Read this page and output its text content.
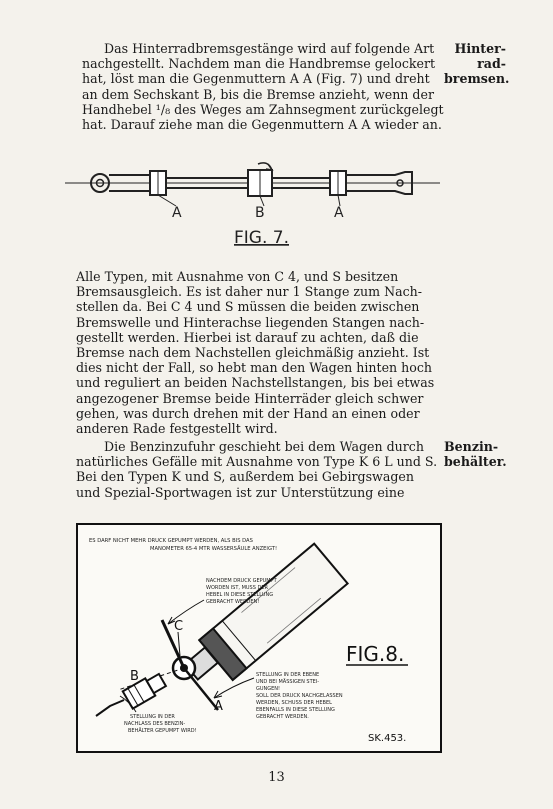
Das Hinterradbremsgestänge wird auf folgende Art
nachgestellt. Nachdem man die Handbremse gelockert
hat, löst man die Gegenmuttern A A (Fig. 7) und dreht
an dem Sechskant B, bis die Bremse anzieht, wenn der
Handhebel ¹/₈ des Weges am Zahnsegment zurückgelegt
hat. Darauf ziehe man die Gegenmuttern A A wieder an.
Hinter-
rad-
bremsen.
A	B	A
FIG. 7.
Alle Typen, mit Ausnahme von C 4, und S besitzen
Bremsausgleich. Es ist daher nur 1 Stange zum Nach-
stellen da. Bei C 4 und S müssen die beiden zwischen
Bremswelle und Hinterachse liegenden Stangen nach-
gestellt werden. Hierbei ist darauf zu achten, daß die
Bremse nach dem Nachstellen gleichmäßig anzieht. Ist
dies nicht der Fall, so hebt man den Wagen hinten hoch
und reguliert an beiden Nachstellstangen, bis bei etwas
angezogener Bremse beide Hinterräder gleich schwer
gehen, was durch drehen mit der Hand an einen oder
anderen Rade festgestellt wird.
Die Benzinzufuhr geschieht bei dem Wagen durch
natürliches Gefälle mit Ausnahme von Type K 6 L und S.
Bei den Typen K und S, außerdem bei Gebirgswagen
und Spezial-Sportwagen ist zur Unterstützung eine
Benzin-
behälter.
ES DARF NICHT MEHR DRUCK GEPUMPT WERDEN, ALS BIS DAS
MANOMETER 65-4 MTR WASSERSÄULE ANZEIGT!
C
B
A
NACHDEM DRUCK GEPUMPT
WORDEN IST, MUSS DER
HEBEL IN DIESE STELLUNG
GEBRACHT WERDEN!
STELLUNG IN DER EBENE
UND BEI MÄSSIGEN STEI-
GUNGEN!
SOLL DER DRUCK NACHGELASSEN
WERDEN, SCHUSS DER HEBEL
EBENFALLS IN DIESE STELLUNG
GEBRACHT WERDEN.
STELLUNG IN DER
NACHLASS DES BENZIN-
BEHÄLTER GEPUMPT WIRD!
FIG.8.
SK.453.
13
